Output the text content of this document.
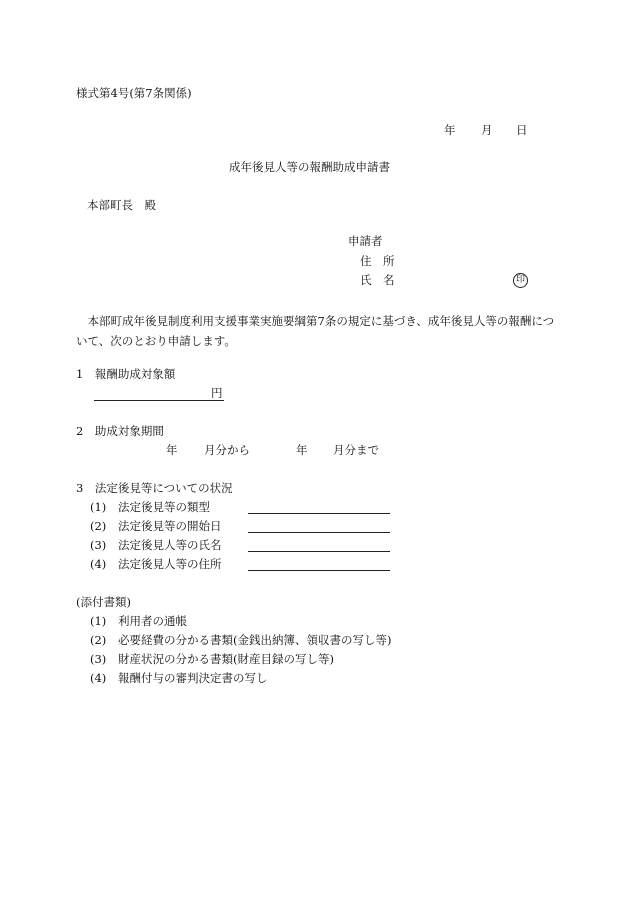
様式第4号(第7条関係)
年 月 日
成年後見人等の報酬助成申請書
本部町長　殿
申請者
住　所
氏　名	印
本部町成年後見制度利用支援事業実施要綱第7条の規定に基づき、成年後見人等の報酬について、次のとおり申請します。
1　報酬助成対象額
円
2　助成対象期間
年 月分から	年 月分まで
3　法定後見等についての状況
(1) 法定後見等の類型
(2) 法定後見等の開始日
(3) 法定後見人等の氏名
(4) 法定後見人等の住所
(添付書類)
(1) 利用者の通帳
(2) 必要経費の分かる書類(金銭出納簿、領収書の写し等)
(3) 財産状況の分かる書類(財産目録の写し等)
(4) 報酬付与の審判決定書の写し
